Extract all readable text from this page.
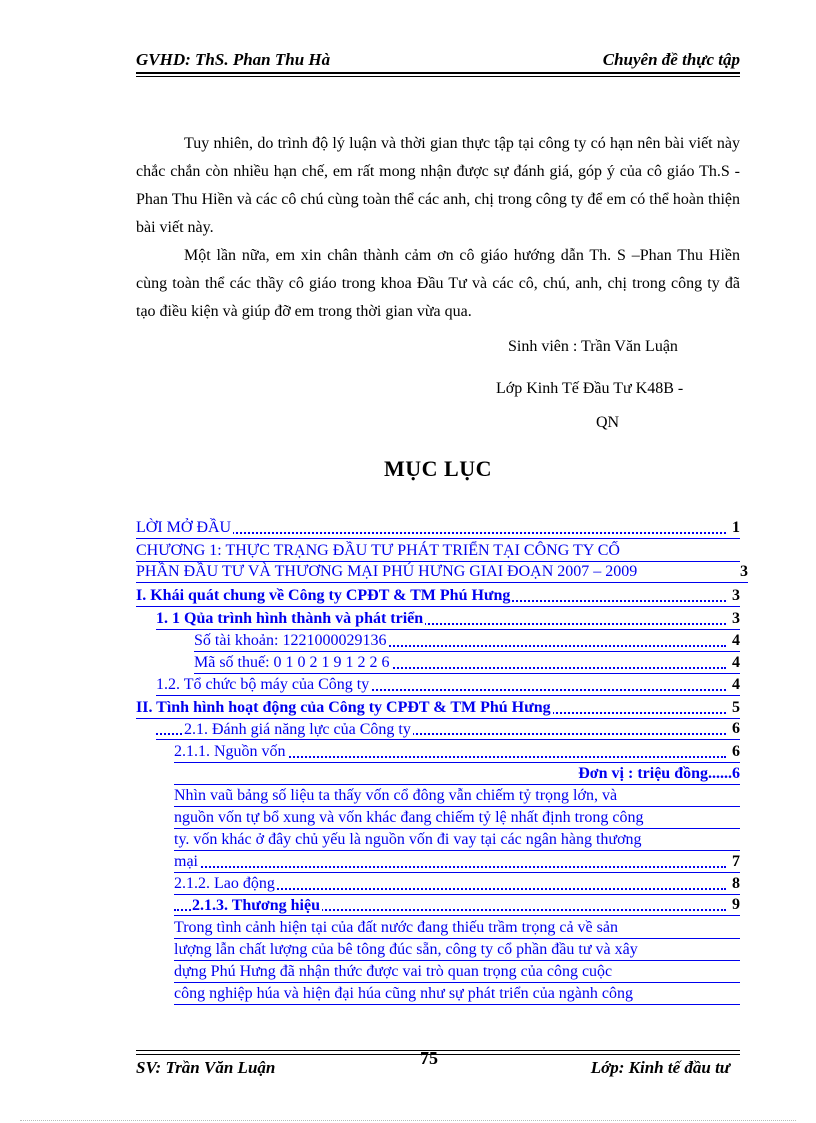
GVHD: ThS. Phan Thu Hà	Chuyên đề thực tập

Tuy nhiên, do trình độ lý luận và thời gian thực tập tại công ty có hạn nên bài viết này chắc chắn còn nhiều hạn chế, em rất mong nhận được sự đánh giá, góp ý của cô giáo Th.S - Phan Thu Hiền và các cô chú cùng toàn thể các anh, chị trong công ty để em có thể hoàn thiện bài viết này.

Một lần nữa, em xin chân thành cảm ơn cô giáo hướng dẫn Th. S –Phan Thu Hiền cùng toàn thể các thầy cô giáo trong khoa Đầu Tư và các cô, chú, anh, chị trong công ty đã tạo điều kiện và giúp đỡ em trong thời gian vừa qua.

Sinh viên : Trần Văn Luận
Lớp Kinh Tế Đầu Tư K48B -
QN
MỤC LỤC
LỜI MỞ ĐẦU	1
CHƯƠNG 1: THỰC TRẠNG ĐẦU TƯ PHÁT TRIỂN TẠI CÔNG TY CỔ
PHẦN ĐẦU TƯ VÀ THƯƠNG MẠI PHÚ HƯNG GIAI ĐOẠN 2007 – 2009	3
I. Khái quát chung về Công ty CPĐT & TM Phú Hưng	3
1. 1 Qủa trình hình thành và phát triển	3
Số tài khoản: 1221000029136	4
Mã số thuế: 0 1 0 2 1 9 1 2 2 6	4
1.2. Tổ chức bộ máy của Công ty	4
II. Tình hình hoạt động của Công ty CPĐT & TM Phú Hưng	5
2.1. Đánh giá năng lực của Công ty	6
2.1.1. Nguồn vốn	6
Đơn vị : triệu đồng......6
Nhìn vaũ bảng số liệu ta thấy vốn cổ đông vẫn chiếm tỷ trọng lớn, và
nguồn vốn tự bổ xung và vốn khác đang chiếm tỷ lệ nhất định trong công
ty. vốn khác ở đây chủ yếu là nguồn vốn đi vay tại các ngân hàng thương
mại	7
2.1.2. Lao động	8
2.1.3. Thương hiệu	9
Trong tình cảnh hiện tại của đất nước đang thiếu trầm trọng cả về sản
lượng lẫn chất lượng của bê tông đúc sẵn, công ty cổ phần đầu tư và xây
dựng Phú Hưng đã nhận thức được vai trò quan trọng của công cuộc
công nghiệp húa và hiện đại húa cũng như sự phát triển của ngành công
SV: Trần Văn Luận	75	Lớp: Kinh tế đầu tư
